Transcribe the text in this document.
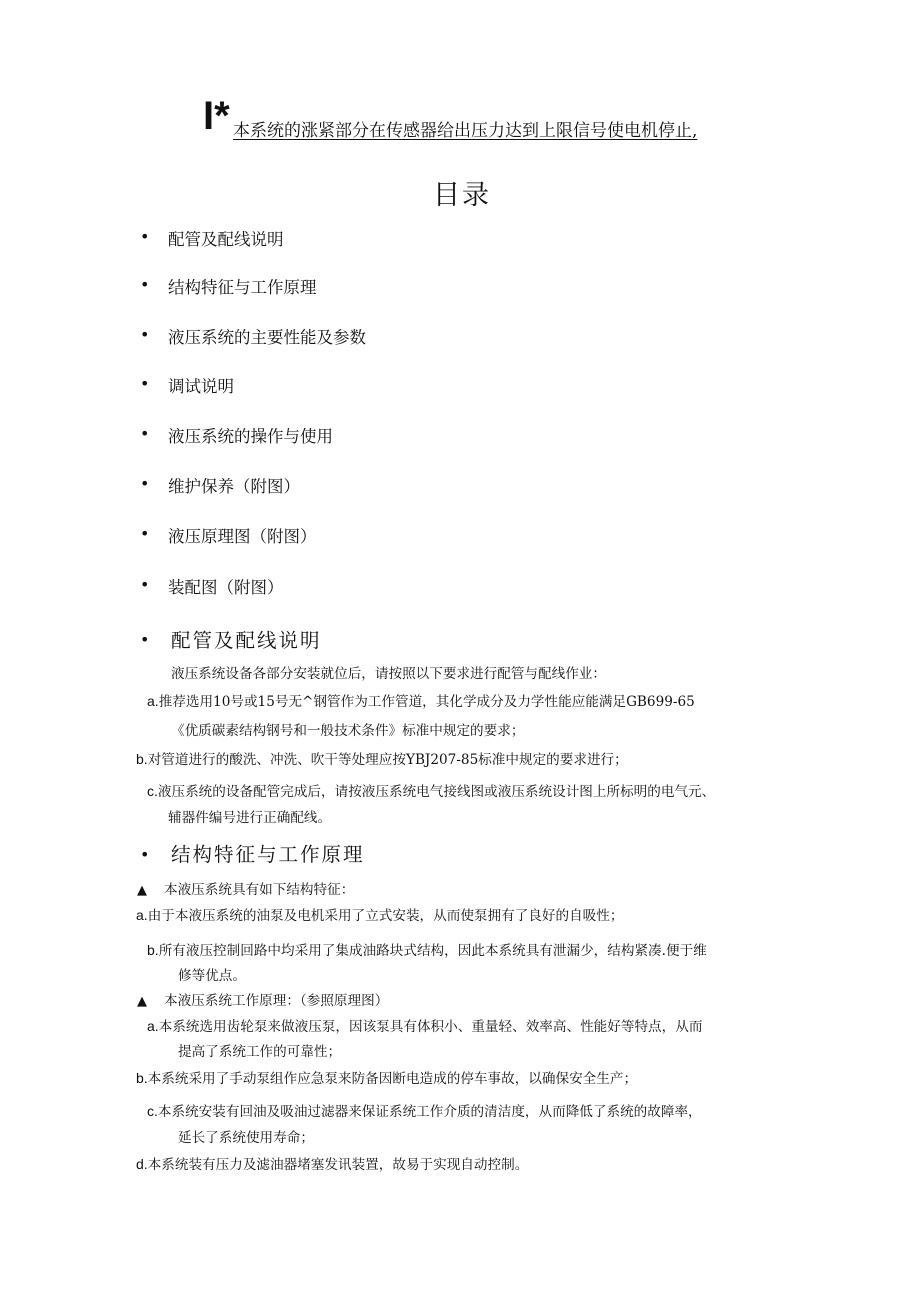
I* 本系统的涨紧部分在传感器给出压力达到上限信号使电机停止,
目录
• 配管及配线说明
• 结构特征与工作原理
• 液压系统的主要性能及参数
• 调试说明
• 液压系统的操作与使用
• 维护保养（附图）
• 液压原理图（附图）
• 装配图（附图）
• 配管及配线说明
液压系统设备各部分安装就位后，请按照以下要求进行配管与配线作业：
a.推荐选用10号或15号无^钢管作为工作管道，其化学成分及力学性能应能满足GB699-65
《优质碳素结构钢号和一般技术条件》标准中规定的要求；
b.对管道进行的酸洗、冲洗、吹干等处理应按YBJ207-85标准中规定的要求进行；
c.液压系统的设备配管完成后，请按液压系统电气接线图或液压系统设计图上所标明的电气元、
辅器件编号进行正确配线。
• 结构特征与工作原理
▲ 本液压系统具有如下结构特征：
a.由于本液压系统的油泵及电机采用了立式安装，从而使泵拥有了良好的自吸性；
b.所有液压控制回路中均采用了集成油路块式结构，因此本系统具有泄漏少，结构紧凑.便于维
修等优点。
▲ 本液压系统工作原理：（参照原理图）
a.本系统选用齿轮泵来做液压泵，因该泵具有体积小、重量轻、效率高、性能好等特点，从而
提高了系统工作的可靠性；
b.本系统采用了手动泵组作应急泵来防备因断电造成的停车事故，以确保安全生产；
c.本系统安装有回油及吸油过滤器来保证系统工作介质的清洁度，从而降低了系统的故障率，
延长了系统使用寿命；
d.本系统装有压力及滤油器堵塞发讯装置，故易于实现自动控制。
